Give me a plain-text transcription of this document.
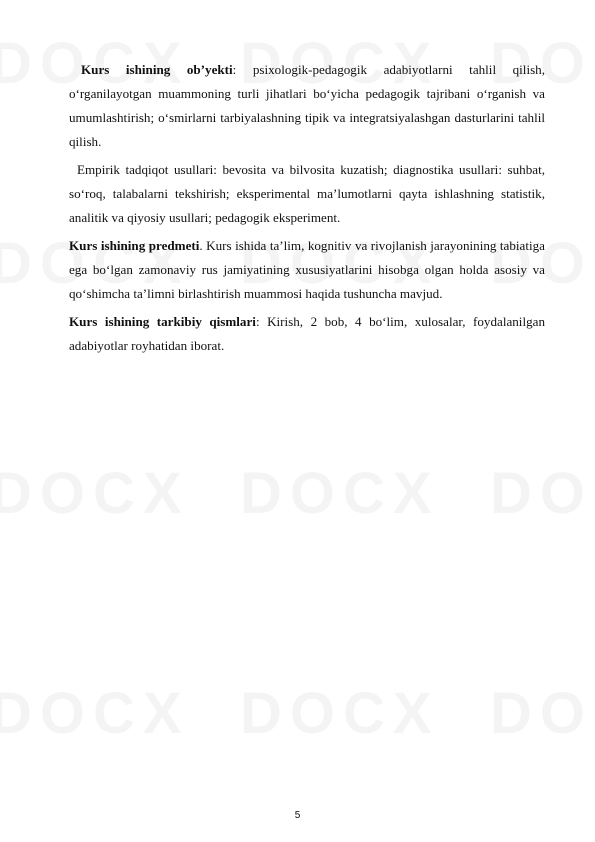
Kurs ishining ob’yekti: psixologik-pedagogik adabiyotlarni tahlil qilish, o‘rganilayotgan muammoning turli jihatlari bo‘yicha pedagogik tajribani o‘rganish va umumlashtirish; o‘smirlarni tarbiyalashning tipik va integratsiyalashgan dasturlarini tahlil qilish.

Empirik tadqiqot usullari: bevosita va bilvosita kuzatish; diagnostika usullari: suhbat, so‘roq, talabalarni tekshirish; eksperimental ma’lumotlarni qayta ishlashning statistik, analitik va qiyosiy usullari; pedagogik eksperiment.

Kurs ishining predmeti. Kurs ishida ta’lim, kognitiv va rivojlanish jarayonining tabiatiga ega bo‘lgan zamonaviy rus jamiyatining xususiyatlarini hisobga olgan holda asosiy va qo‘shimcha ta’limni birlashtirish muammosi haqida tushuncha mavjud.

Kurs ishining tarkibiy qismlari: Kirish, 2 bob, 4 bo‘lim, xulosalar, foydalanilgan adabiyotlar royhatidan iborat.

5
